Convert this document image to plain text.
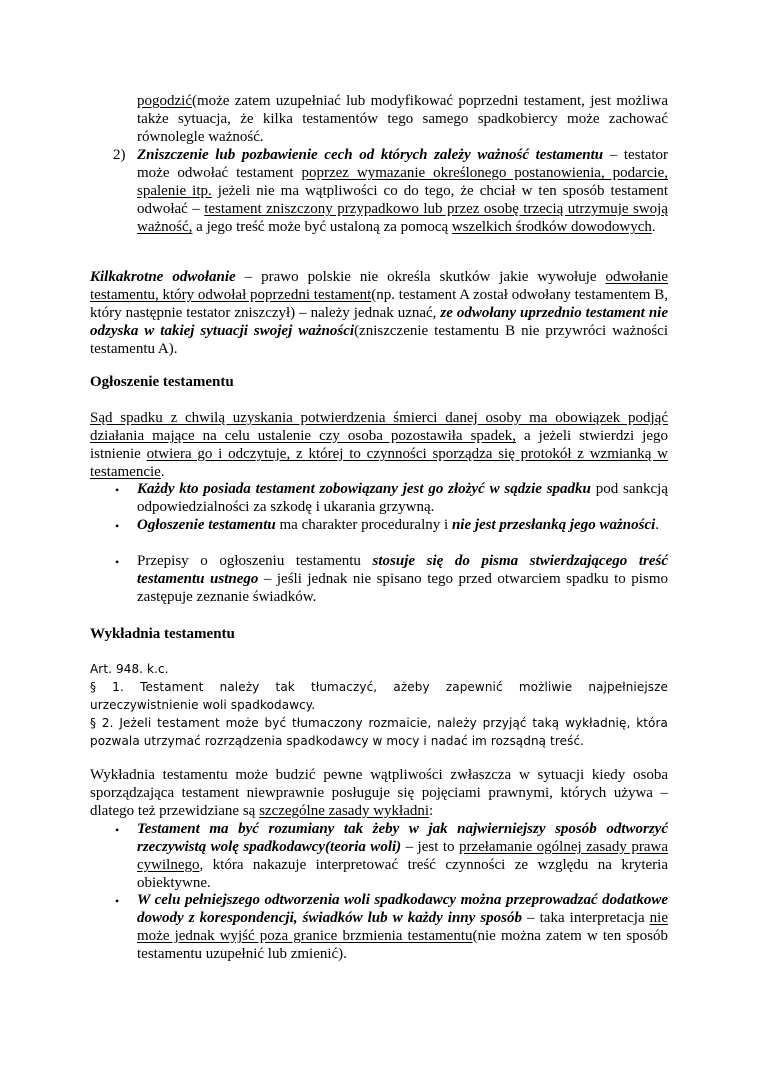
pogodzić(może zatem uzupełniać lub modyfikować poprzedni testament, jest możliwa także sytuacja, że kilka testamentów tego samego spadkobiercy może zachować równolegle ważność.
2) Zniszczenie lub pozbawienie cech od których zależy ważność testamentu – testator może odwołać testament poprzez wymazanie określonego postanowienia, podarcie, spalenie itp. jeżeli nie ma wątpliwości co do tego, że chciał w ten sposób testament odwołać – testament zniszczony przypadkowo lub przez osobę trzecią utrzymuje swoją ważność, a jego treść może być ustaloną za pomocą wszelkich środków dowodowych.
Kilkakrotne odwołanie – prawo polskie nie określa skutków jakie wywołuje odwołanie testamentu, który odwołał poprzedni testament(np. testament A został odwołany testamentem B, który następnie testator zniszczył) – należy jednak uznać, ze odwołany uprzednio testament nie odzyska w takiej sytuacji swojej ważności(zniszczenie testamentu B nie przywróci ważności testamentu A).
Ogłoszenie testamentu
Sąd spadku z chwilą uzyskania potwierdzenia śmierci danej osoby ma obowiązek podjąć działania mające na celu ustalenie czy osoba pozostawiła spadek, a jeżeli stwierdzi jego istnienie otwiera go i odczytuje, z której to czynności sporządza się protokół z wzmianką w testamencie.
• Każdy kto posiada testament zobowiązany jest go złożyć w sądzie spadku pod sankcją odpowiedzialności za szkodę i ukarania grzywną.
• Ogłoszenie testamentu ma charakter proceduralny i nie jest przesłanką jego ważności.
• Przepisy o ogłoszeniu testamentu stosuje się do pisma stwierdzającego treść testamentu ustnego – jeśli jednak nie spisano tego przed otwarciem spadku to pismo zastępuje zeznanie świadków.
Wykładnia testamentu
Art. 948. k.c.
§ 1. Testament należy tak tłumaczyć, ażeby zapewnić możliwie najpełniejsze urzeczywistnienie woli spadkodawcy.
§ 2. Jeżeli testament może być tłumaczony rozmaicie, należy przyjąć taką wykładnię, która pozwala utrzymać rozrządzenia spadkodawcy w mocy i nadać im rozsądną treść.
Wykładnia testamentu może budzić pewne wątpliwości zwłaszcza w sytuacji kiedy osoba sporządzająca testament niewprawnie posługuje się pojęciami prawnymi, których używa – dlatego też przewidziane są szczególne zasady wykładni:
• Testament ma być rozumiany tak żeby w jak najwierniejszy sposób odtworzyć rzeczywistą wolę spadkodawcy(teoria woli) – jest to przełamanie ogólnej zasady prawa cywilnego, która nakazuje interpretować treść czynności ze względu na kryteria obiektywne.
• W celu pełniejszego odtworzenia woli spadkodawcy można przeprowadzać dodatkowe dowody z korespondencji, świadków lub w każdy inny sposób – taka interpretacja nie może jednak wyjść poza granice brzmienia testamentu(nie można zatem w ten sposób testamentu uzupełnić lub zmienić).
